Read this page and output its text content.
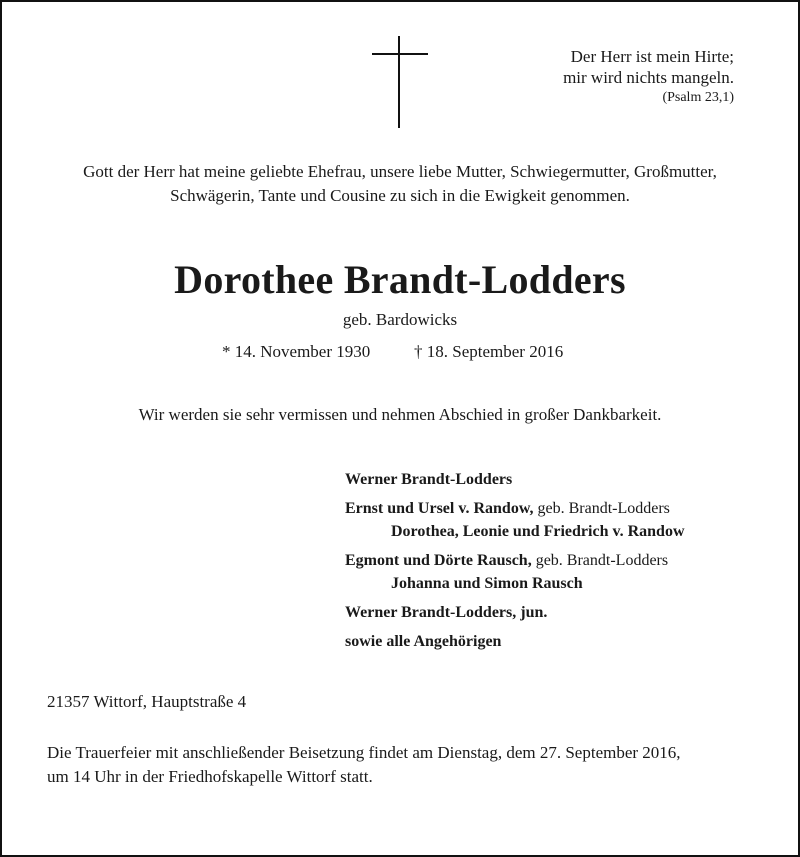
Der Herr ist mein Hirte;
mir wird nichts mangeln.
(Psalm 23,1)
Gott der Herr hat meine geliebte Ehefrau, unsere liebe Mutter, Schwiegermutter, Großmutter,
Schwägerin, Tante und Cousine zu sich in die Ewigkeit genommen.
Dorothee Brandt-Lodders
geb. Bardowicks
* 14. November 1930	† 18. September 2016
Wir werden sie sehr vermissen und nehmen Abschied in großer Dankbarkeit.
Werner Brandt-Lodders
Ernst und Ursel v. Randow, geb. Brandt-Lodders
Dorothea, Leonie und Friedrich v. Randow
Egmont und Dörte Rausch, geb. Brandt-Lodders
Johanna und Simon Rausch
Werner Brandt-Lodders, jun.
sowie alle Angehörigen
21357 Wittorf, Hauptstraße 4
Die Trauerfeier mit anschließender Beisetzung findet am Dienstag, dem 27. September 2016,
um 14 Uhr in der Friedhofskapelle Wittorf statt.
